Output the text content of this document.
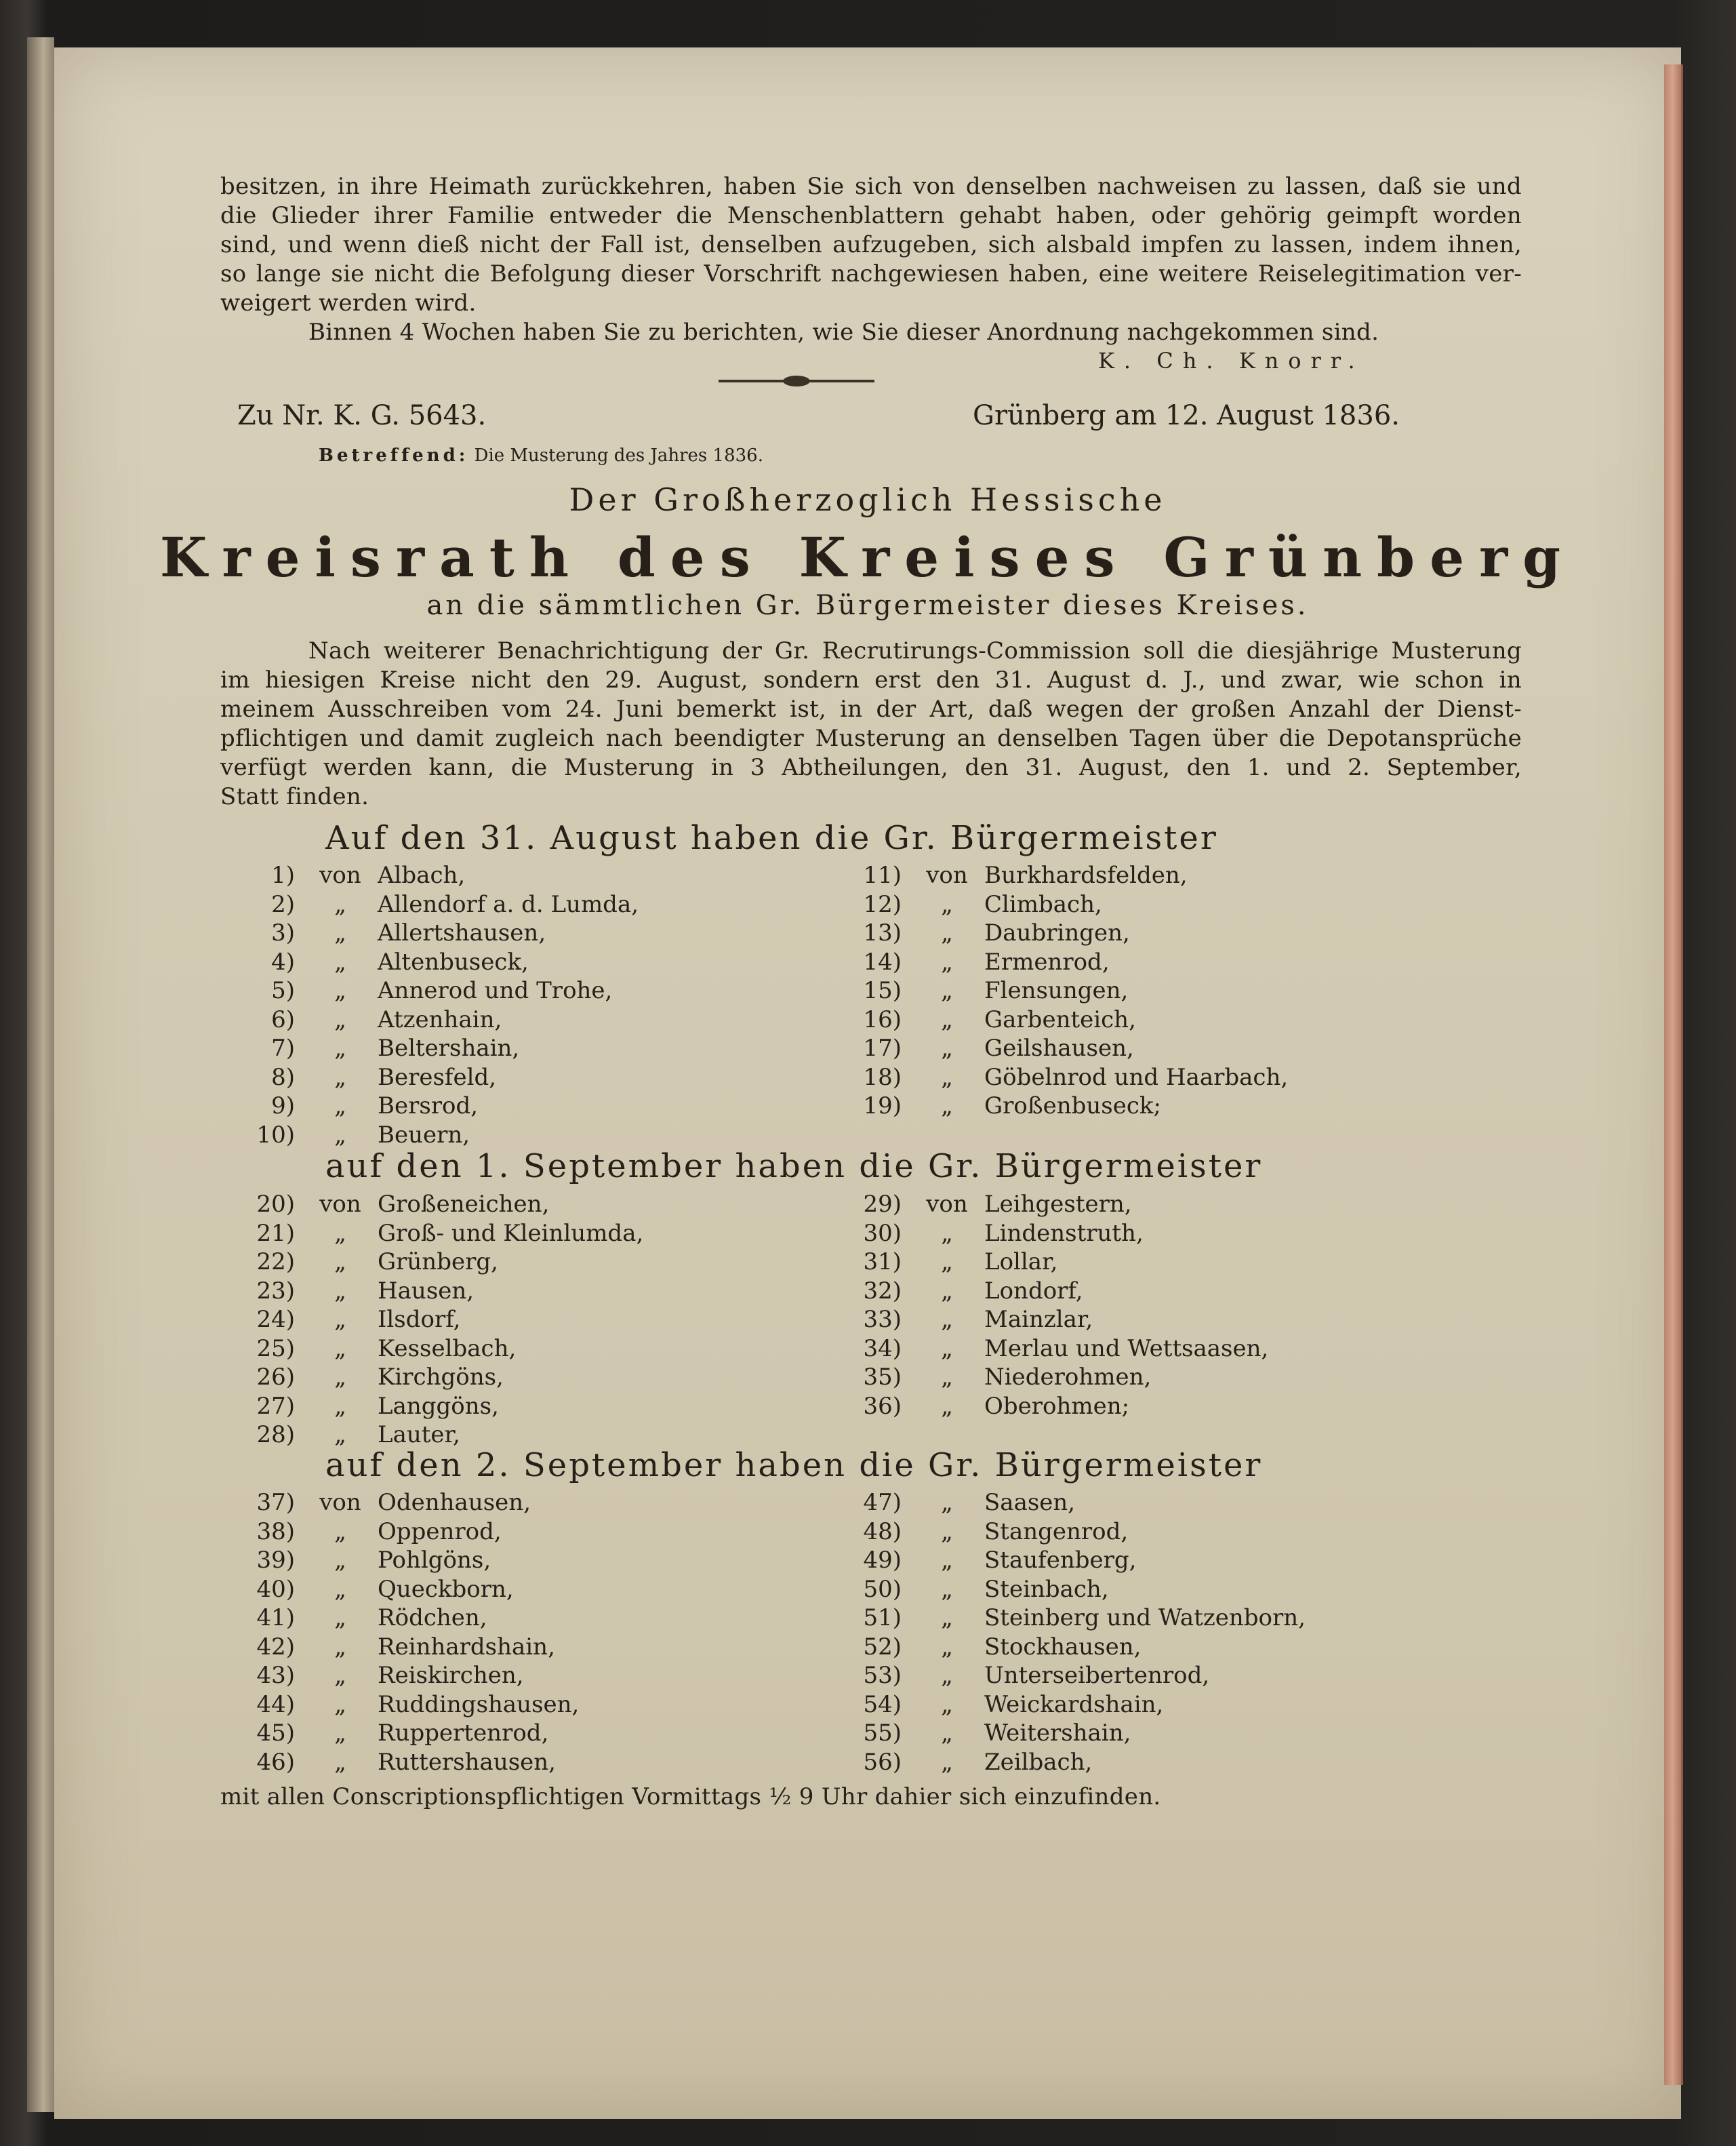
besitzen, in ihre Heimath zurückkehren, haben Sie sich von denselben nachweisen zu lassen, daß sie und
die Glieder ihrer Familie entweder die Menschenblattern gehabt haben, oder gehörig geimpft worden
sind, und wenn dieß nicht der Fall ist, denselben aufzugeben, sich alsbald impfen zu lassen, indem ihnen,
so lange sie nicht die Befolgung dieser Vorschrift nachgewiesen haben, eine weitere Reiselegitimation ver-
weigert werden wird.
Binnen 4 Wochen haben Sie zu berichten, wie Sie dieser Anordnung nachgekommen sind.
K. Ch. Knorr.
Zu Nr. K. G. 5643.	Grünberg am 12. August 1836.
Betreffend: Die Musterung des Jahres 1836.
Der Großherzoglich Hessische
Kreisrath des Kreises Grünberg
an die sämmtlichen Gr. Bürgermeister dieses Kreises.
Nach weiterer Benachrichtigung der Gr. Recrutirungs-Commission soll die diesjährige Musterung
im hiesigen Kreise nicht den 29. August, sondern erst den 31. August d. J., und zwar, wie schon in
meinem Ausschreiben vom 24. Juni bemerkt ist, in der Art, daß wegen der großen Anzahl der Dienst-
pflichtigen und damit zugleich nach beendigter Musterung an denselben Tagen über die Depotansprüche
verfügt werden kann, die Musterung in 3 Abtheilungen, den 31. August, den 1. und 2. September,
Statt finden.
Auf den 31. August haben die Gr. Bürgermeister
1)	von Albach,
2)	„	Allendorf a. d. Lumda,
3)	„	Allertshausen,
4)	„	Altenbuseck,
5)	„	Annerod und Trohe,
6)	„	Atzenhain,
7)	„	Beltershain,
8)	„	Beresfeld,
9)	„	Bersrod,
10)	„	Beuern,
11)	von Burkhardsfelden,
12)	„	Climbach,
13)	„	Daubringen,
14)	„	Ermenrod,
15)	„	Flensungen,
16)	„	Garbenteich,
17)	„	Geilshausen,
18)	„	Göbelnrod und Haarbach,
19)	„	Großenbuseck;
auf den 1. September haben die Gr. Bürgermeister
20)	von Großeneichen,
21)	„	Groß- und Kleinlumda,
22)	„	Grünberg,
23)	„	Hausen,
24)	„	Ilsdorf,
25)	„	Kesselbach,
26)	„	Kirchgöns,
27)	„	Langgöns,
28)	„	Lauter,
29)	von Leihgestern,
30)	„	Lindenstruth,
31)	„	Lollar,
32)	„	Londorf,
33)	„	Mainzlar,
34)	„	Merlau und Wettsaasen,
35)	„	Niederohmen,
36)	„	Oberohmen;
auf den 2. September haben die Gr. Bürgermeister
37)	von Odenhausen,
38)	„	Oppenrod,
39)	„	Pohlgöns,
40)	„	Queckborn,
41)	„	Rödchen,
42)	„	Reinhardshain,
43)	„	Reiskirchen,
44)	„	Ruddingshausen,
45)	„	Ruppertenrod,
46)	„	Ruttershausen,
47)	„	Saasen,
48)	„	Stangenrod,
49)	„	Staufenberg,
50)	„	Steinbach,
51)	„	Steinberg und Watzenborn,
52)	„	Stockhausen,
53)	„	Unterseibertenrod,
54)	„	Weickardshain,
55)	„	Weitershain,
56)	„	Zeilbach,
mit allen Conscriptionspflichtigen Vormittags ½ 9 Uhr dahier sich einzufinden.
